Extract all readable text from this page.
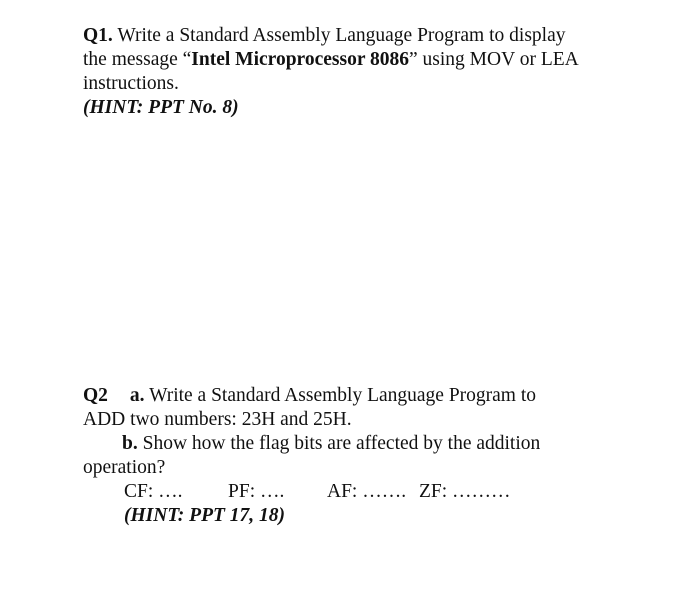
Q1. Write a Standard Assembly Language Program to display
the message “Intel Microprocessor 8086” using MOV or LEA
instructions.
(HINT: PPT No. 8)
Q2 a. Write a Standard Assembly Language Program to
ADD two numbers: 23H and 25H.
b. Show how the flag bits are affected by the addition
operation?
CF: …. PF: …. AF: ……. ZF: ………
(HINT: PPT 17, 18)
